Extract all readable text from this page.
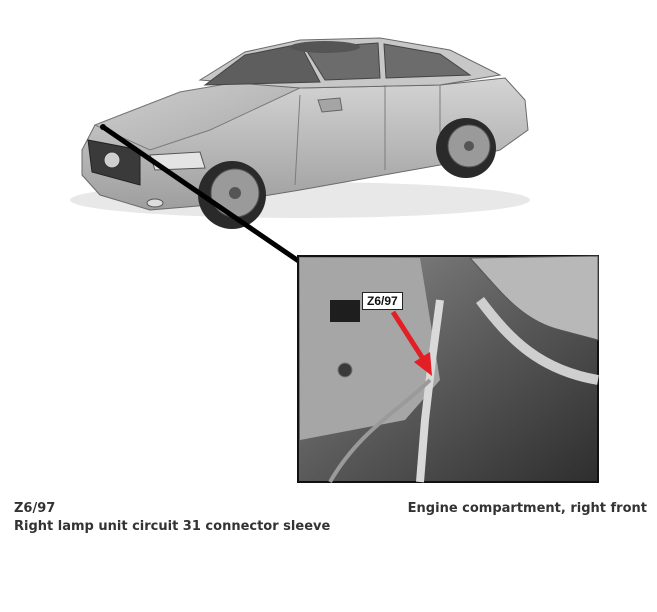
Z6/97
Z6/97
Right lamp unit circuit 31 connector sleeve
Engine compartment, right front
